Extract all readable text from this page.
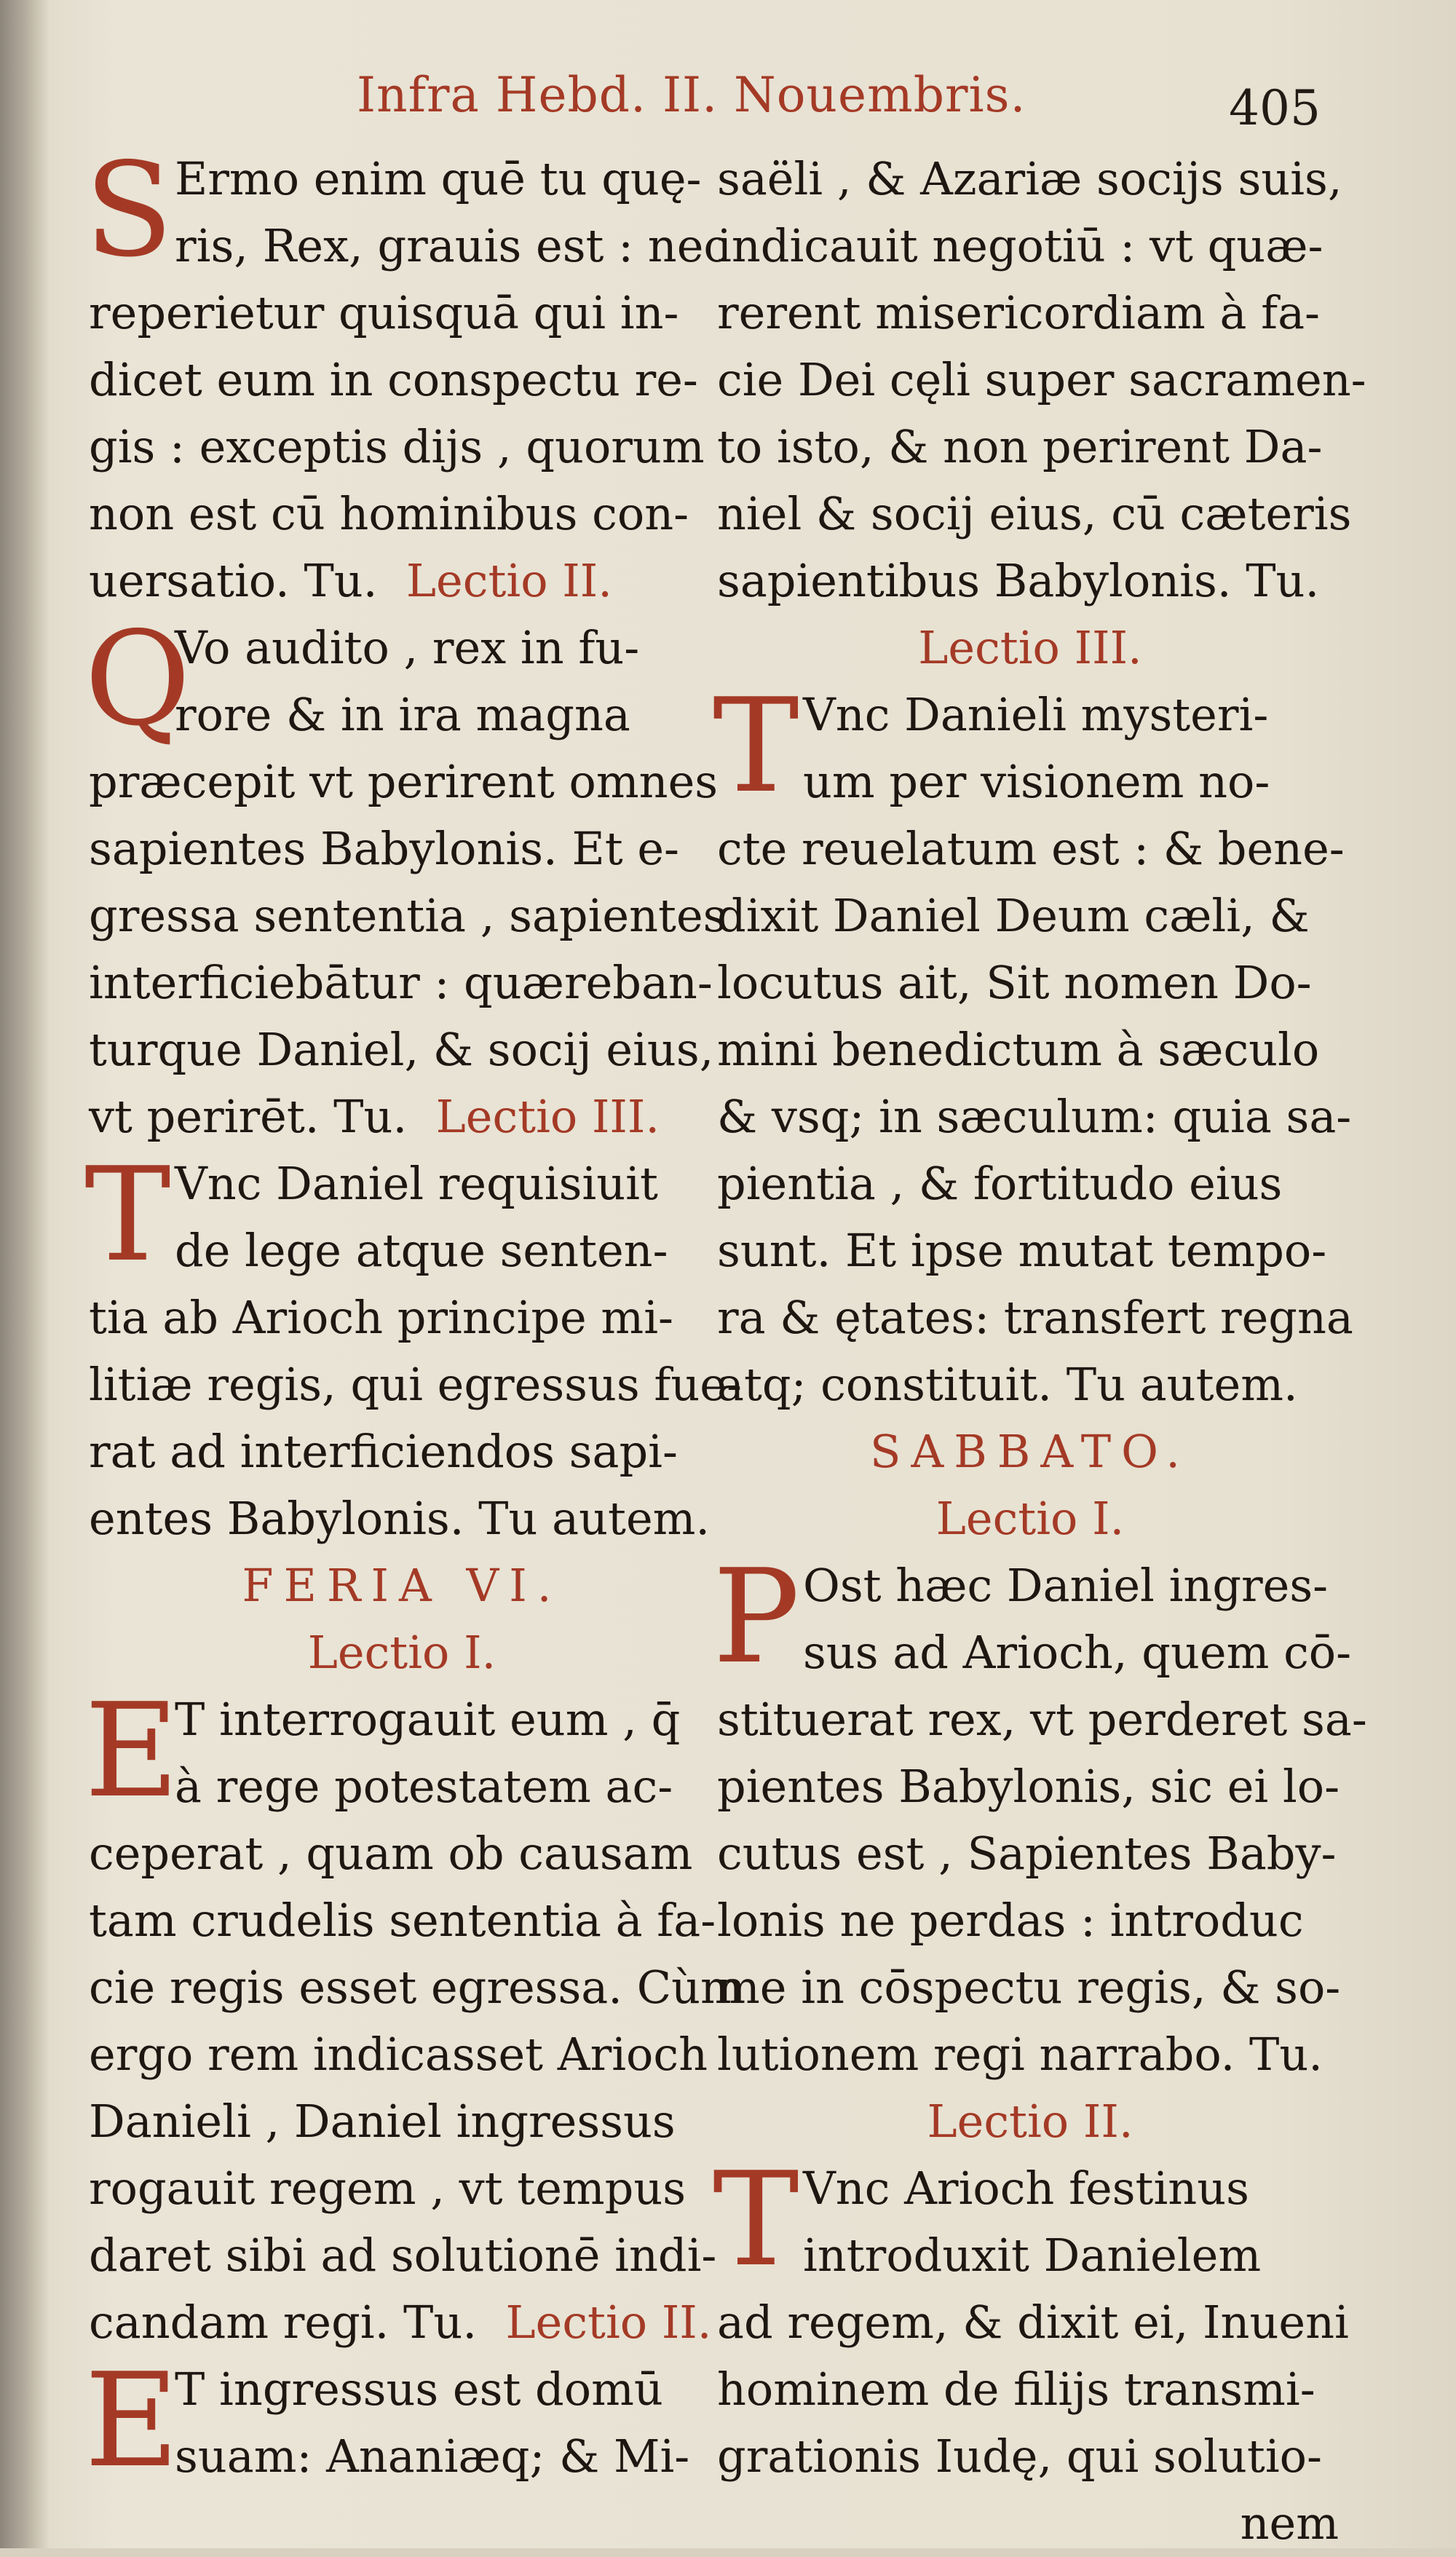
Infra Hebd. II. Nouembris.	405
S Ermo enim quē tu quę-
ris, Rex, grauis est : nec
reperietur quisquā qui in-
dicet eum in conspectu re-
gis : exceptis dijs , quorum
non est cū hominibus con-
uersatio. Tu. Lectio II.
Q
Vo audito , rex in fu-
rore & in ira magna
præcepit vt perirent omnes
sapientes Babylonis. Et e-
gressa sententia , sapientes
interficiebātur : quæreban-
turque Daniel, & socij eius,
vt perirēt. Tu. Lectio III.
T Vnc Daniel requisiuit
de lege atque senten-
tia ab Arioch principe mi-
litiæ regis, qui egressus fue-
rat ad interficiendos sapi-
entes Babylonis. Tu autem.
FERIA VI.
Lectio I.
E
T interrogauit eum , q̄
à rege potestatem ac-
ceperat , quam ob causam
tam crudelis sententia à fa-
cie regis esset egressa. Cùm
ergo rem indicasset Arioch
Danieli , Daniel ingressus
rogauit regem , vt tempus
daret sibi ad solutionē indi-
candam regi. Tu. Lectio II.
E
T ingressus est domū
suam: Ananiæq; & Mi-
saëli , & Azariæ socijs suis,
indicauit negotiū : vt quæ-
rerent misericordiam à fa-
cie Dei cęli super sacramen-
to isto, & non perirent Da-
niel & socij eius, cū cæteris
sapientibus Babylonis. Tu.
Lectio III.
T Vnc Danieli mysteri-
um per visionem no-
cte reuelatum est : & bene-
dixit Daniel Deum cæli, &
locutus ait, Sit nomen Do-
mini benedictum à sæculo
& vsq; in sæculum: quia sa-
pientia , & fortitudo eius
sunt. Et ipse mutat tempo-
ra & ętates: transfert regna
atq; constituit. Tu autem.
SABBATO.
Lectio I.
P Ost hæc Daniel ingres-
sus ad Arioch, quem cō-
stituerat rex, vt perderet sa-
pientes Babylonis, sic ei lo-
cutus est , Sapientes Baby-
lonis ne perdas : introduc
me in cōspectu regis, & so-
lutionem regi narrabo. Tu.
Lectio II.
T Vnc Arioch festinus
introduxit Danielem
ad regem, & dixit ei, Inueni
hominem de filijs transmi-
grationis Iudę, qui solutio-
nem
